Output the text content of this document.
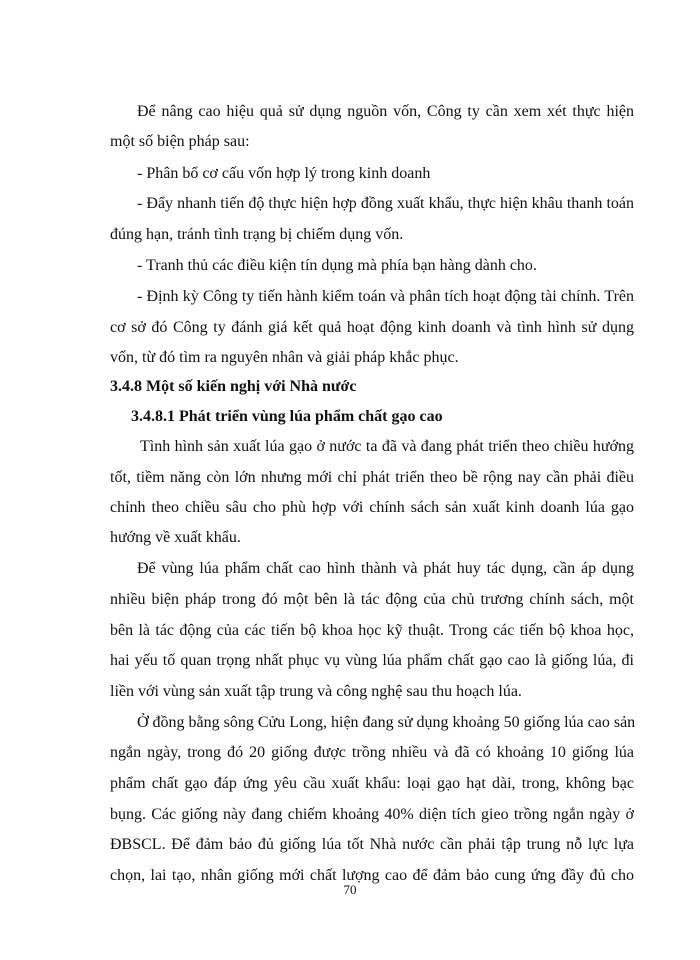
Để nâng cao hiệu quả sử dụng nguồn vốn, Công ty cần xem xét thực hiện
một số biện pháp sau:
- Phân bổ cơ cấu vốn hợp lý trong kinh doanh
- Đẩy nhanh tiến độ thực hiện hợp đồng xuất khẩu, thực hiện khâu thanh toán
đúng hạn, tránh tình trạng bị chiếm dụng vốn.
- Tranh thủ các điều kiện tín dụng mà phía bạn hàng dành cho.
- Định kỳ Công ty tiến hành kiểm toán và phân tích hoạt động tài chính. Trên
cơ sở đó Công ty đánh giá kết quả hoạt động kinh doanh và tình hình sử dụng
vốn, từ đó tìm ra nguyên nhân và giải pháp khắc phục.
3.4.8 Một số kiến nghị với Nhà nước
3.4.8.1 Phát triển vùng lúa phẩm chất gạo cao
Tình hình sản xuất lúa gạo ở nước ta đã và đang phát triển theo chiều hướng
tốt, tiềm năng còn lớn nhưng mới chỉ phát triển theo bề rộng nay cần phải điều
chỉnh theo chiều sâu cho phù hợp với chính sách sản xuất kinh doanh lúa gạo
hướng về xuất khẩu.
Để vùng lúa phẩm chất cao hình thành và phát huy tác dụng, cần áp dụng
nhiều biện pháp trong đó một bên là tác động của chủ trương chính sách, một
bên là tác động của các tiến bộ khoa học kỹ thuật. Trong các tiến bộ khoa học,
hai yếu tố quan trọng nhất phục vụ vùng lúa phẩm chất gạo cao là giống lúa, đi
liền với vùng sản xuất tập trung và công nghệ sau thu hoạch lúa.
Ở đồng bằng sông Cửu Long, hiện đang sử dụng khoảng 50 giống lúa cao sản
ngắn ngày, trong đó 20 giống được trồng nhiều và đã có khoảng 10 giống lúa
phẩm chất gạo đáp ứng yêu cầu xuất khẩu: loại gạo hạt dài, trong, không bạc
bụng. Các giống này đang chiếm khoảng 40% diện tích gieo trồng ngắn ngày ở
ĐBSCL. Để đảm bảo đủ giống lúa tốt Nhà nước cần phải tập trung nỗ lực lựa
chọn, lai tạo, nhân giống mới chất lượng cao để đảm bảo cung ứng đầy đủ cho
70
